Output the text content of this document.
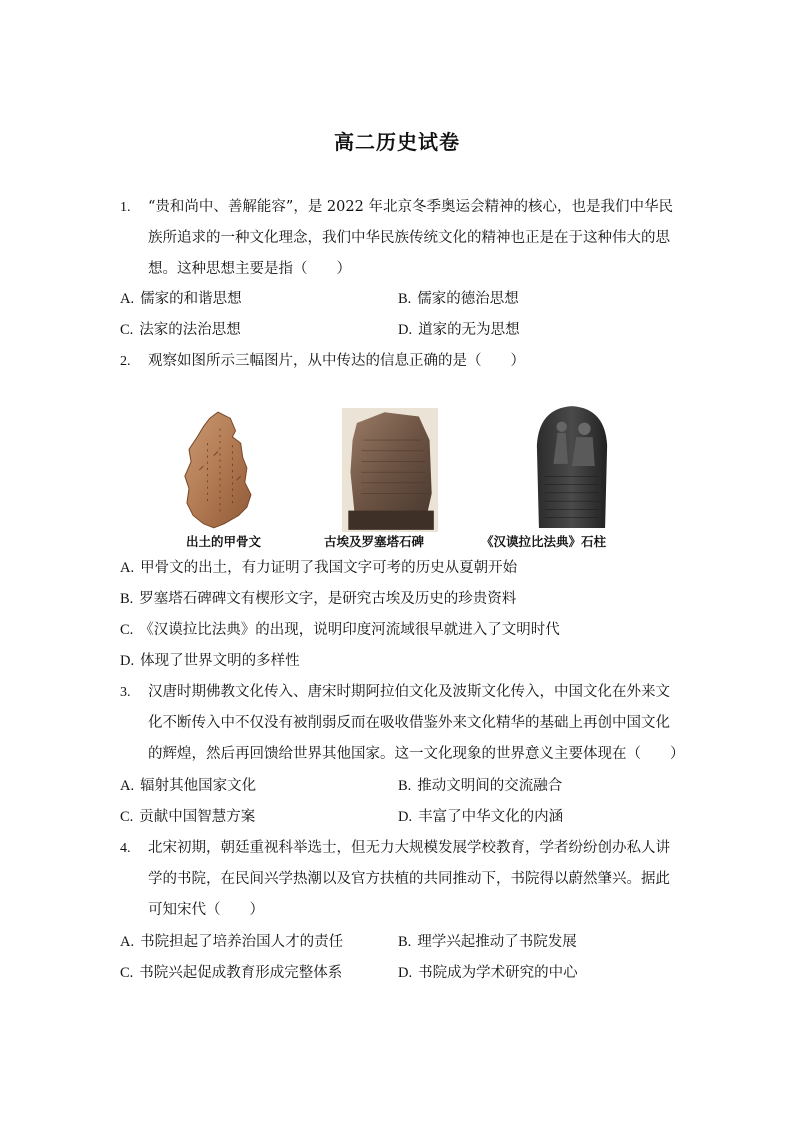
高二历史试卷
1.	“贵和尚中、善解能容”，是 2022 年北京冬季奥运会精神的核心，也是我们中华民族所追求的一种文化理念，我们中华民族传统文化的精神也正是在于这种伟大的思想。这种思想主要是指（　　）
A. 儒家的和谐思想	B. 儒家的德治思想
C. 法家的法治思想	D. 道家的无为思想
2.	观察如图所示三幅图片，从中传达的信息正确的是（　　）
出土的甲骨文	古埃及罗塞塔石碑	《汉谟拉比法典》石柱
A. 甲骨文的出土，有力证明了我国文字可考的历史从夏朝开始
B. 罗塞塔石碑碑文有楔形文字，是研究古埃及历史的珍贵资料
C. 《汉谟拉比法典》的出现，说明印度河流域很早就进入了文明时代
D. 体现了世界文明的多样性
3.	汉唐时期佛教文化传入、唐宋时期阿拉伯文化及波斯文化传入，中国文化在外来文化不断传入中不仅没有被削弱反而在吸收借鉴外来文化精华的基础上再创中国文化的辉煌，然后再回馈给世界其他国家。这一文化现象的世界意义主要体现在（　　）
A. 辐射其他国家文化	B. 推动文明间的交流融合
C. 贡献中国智慧方案	D. 丰富了中华文化的内涵
4.	北宋初期，朝廷重视科举选士，但无力大规模发展学校教育，学者纷纷创办私人讲学的书院，在民间兴学热潮以及官方扶植的共同推动下，书院得以蔚然肇兴。据此可知宋代（　　）
A. 书院担起了培养治国人才的责任	B. 理学兴起推动了书院发展
C. 书院兴起促成教育形成完整体系	D. 书院成为学术研究的中心
